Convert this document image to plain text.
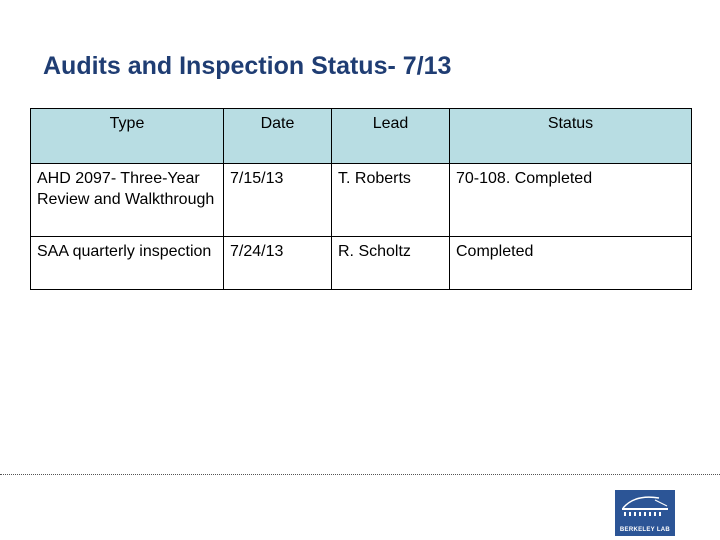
Audits and Inspection Status- 7/13
Type	Date	Lead	Status
AHD 2097- Three-Year Review and Walkthrough	7/15/13	T. Roberts	70-108. Completed
SAA quarterly inspection	7/24/13	R. Scholtz	Completed
BERKELEY LAB
